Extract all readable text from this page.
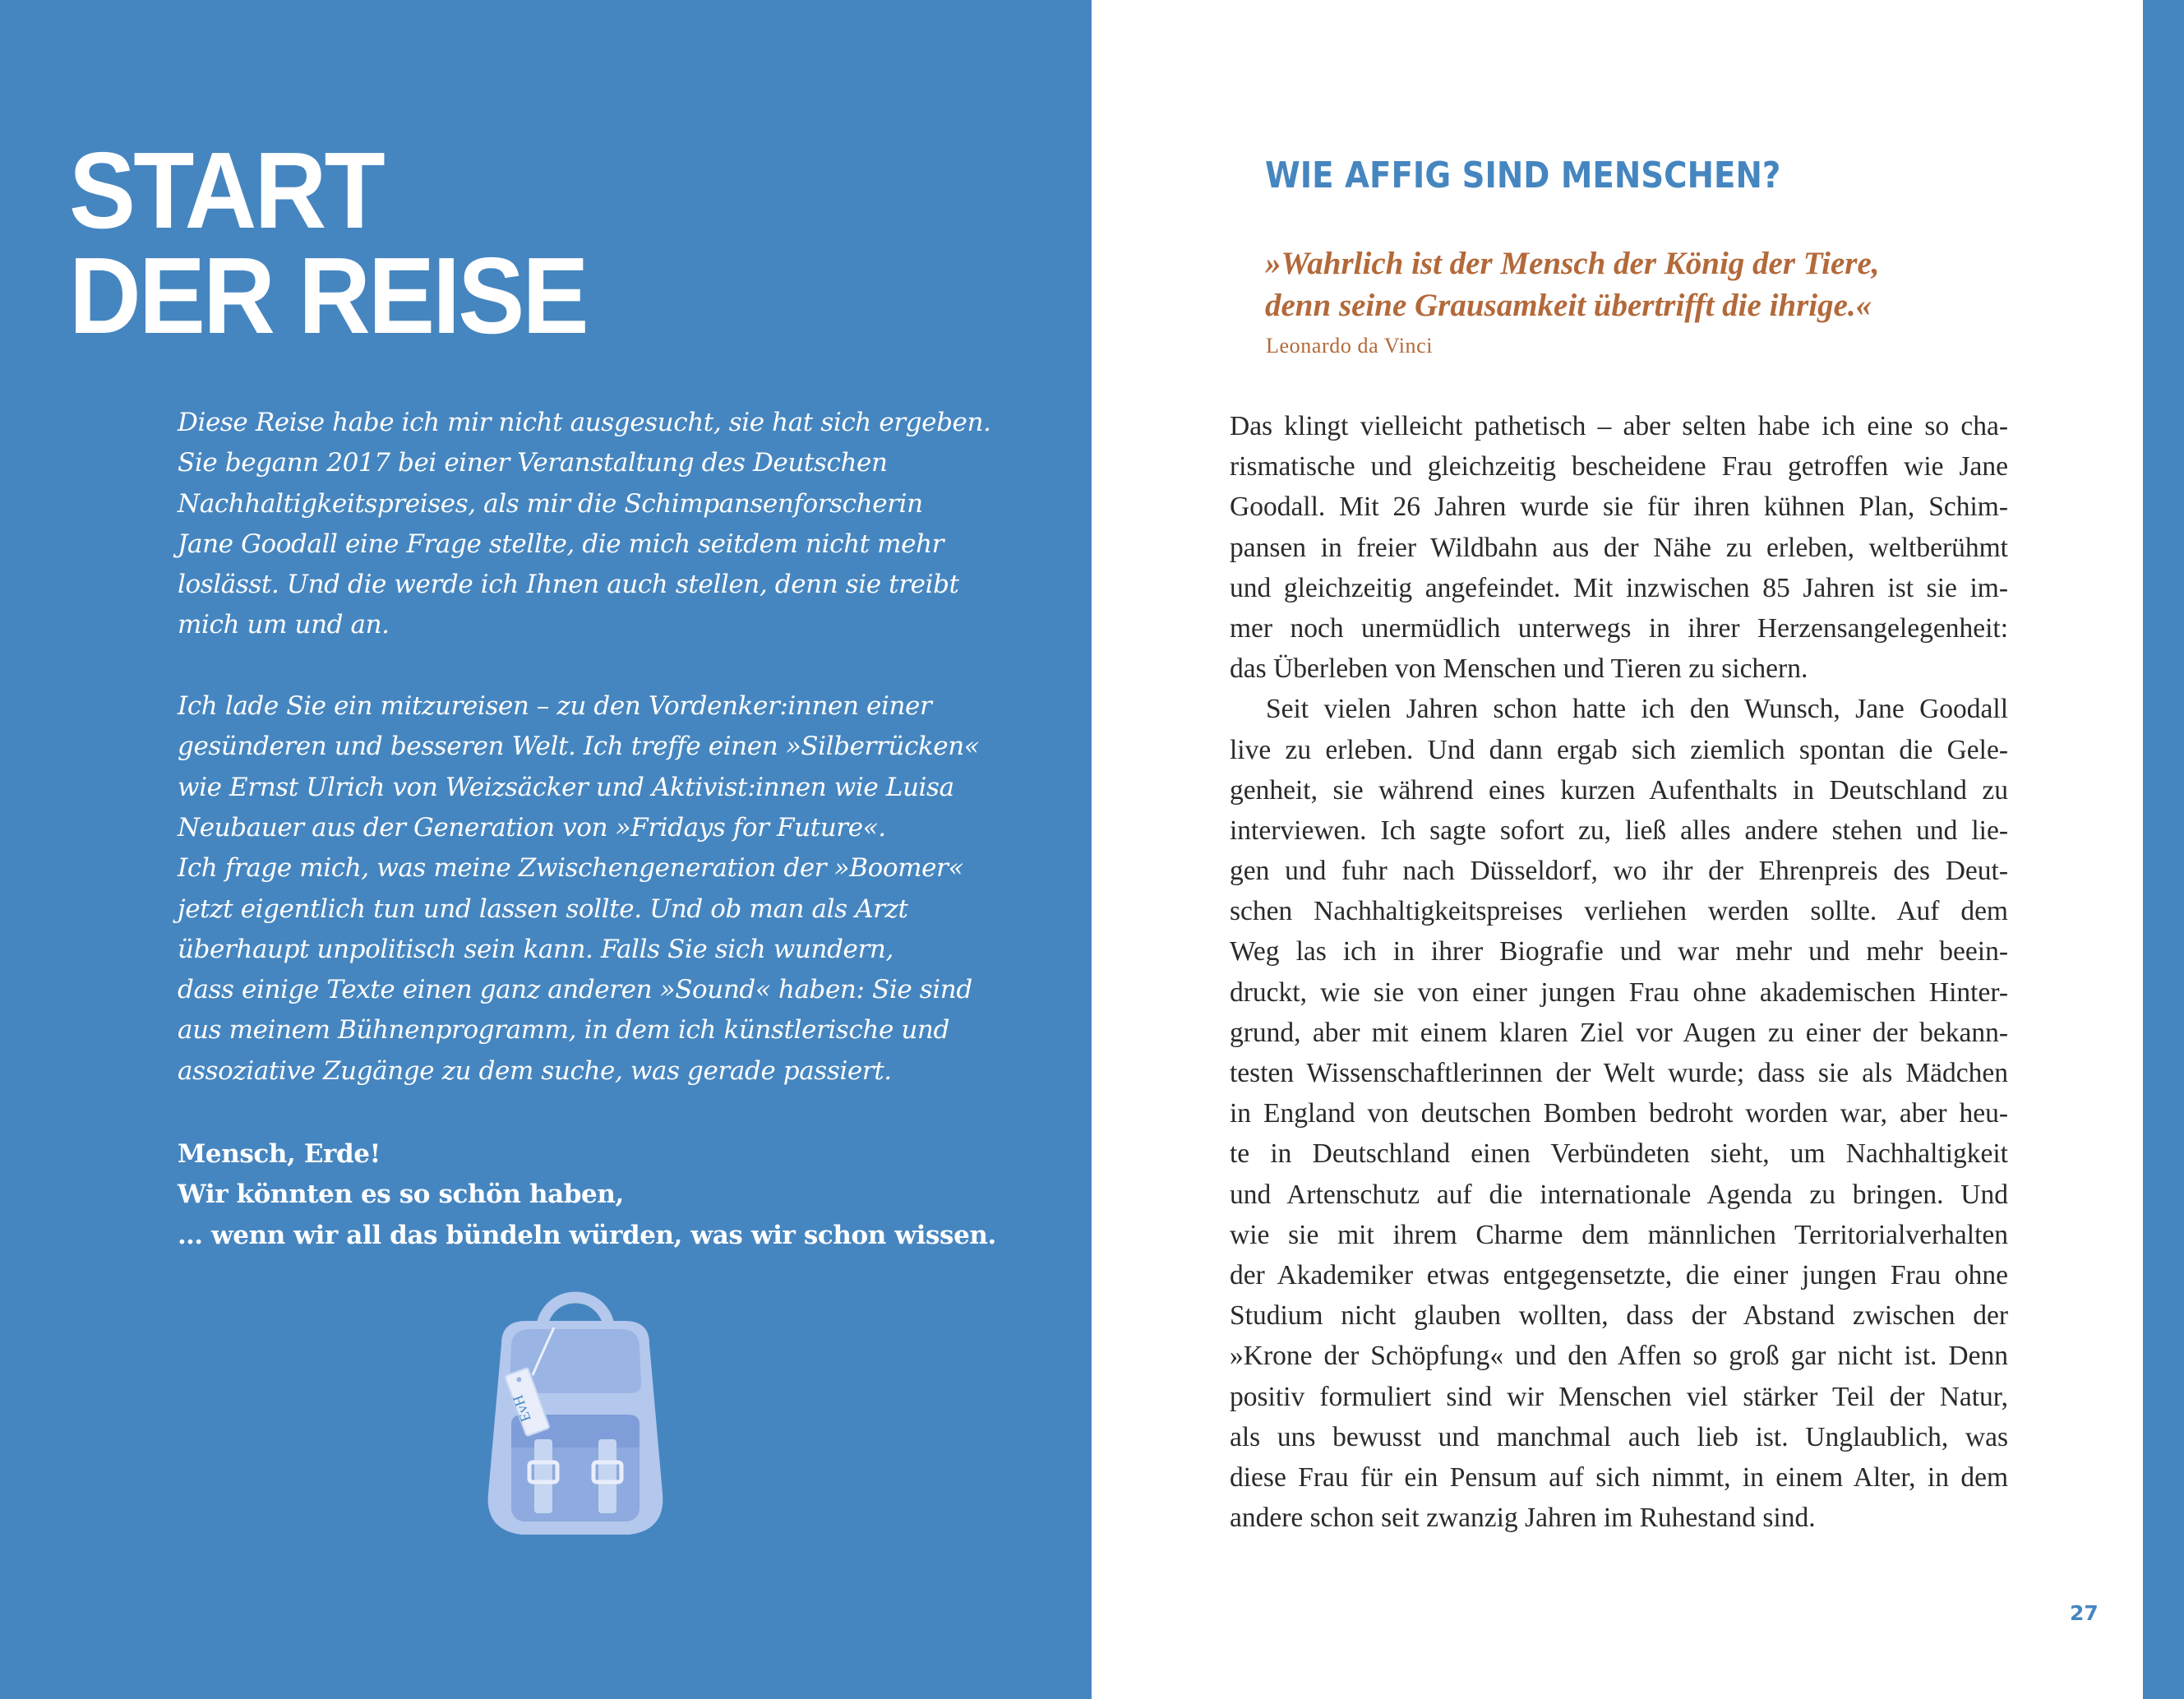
START
DER REISE

Diese Reise habe ich mir nicht ausgesucht, sie hat sich ergeben.
Sie begann 2017 bei einer Veranstaltung des Deutschen
Nachhaltigkeitspreises, als mir die Schimpansenforscherin
Jane Goodall eine Frage stellte, die mich seitdem nicht mehr
loslässt. Und die werde ich Ihnen auch stellen, denn sie treibt
mich um und an.

Ich lade Sie ein mitzureisen – zu den Vordenker:innen einer
gesünderen und besseren Welt. Ich treffe einen »Silberrücken«
wie Ernst Ulrich von Weizsäcker und Aktivist:innen wie Luisa
Neubauer aus der Generation von »Fridays for Future«.
Ich frage mich, was meine Zwischengeneration der »Boomer«
jetzt eigentlich tun und lassen sollte. Und ob man als Arzt
überhaupt unpolitisch sein kann. Falls Sie sich wundern,
dass einige Texte einen ganz anderen »Sound« haben: Sie sind
aus meinem Bühnenprogramm, in dem ich künstlerische und
assoziative Zugänge zu dem suche, was gerade passiert.

Mensch, Erde!
Wir könnten es so schön haben,
… wenn wir all das bündeln würden, was wir schon wissen.
EvH
WIE AFFIG SIND MENSCHEN?
»Wahrlich ist der Mensch der König der Tiere,
denn seine Grausamkeit übertrifft die ihrige.«
Leonardo da Vinci
Das klingt vielleicht pathetisch – aber selten habe ich eine so cha-
rismatische und gleichzeitig bescheidene Frau getroffen wie Jane
Goodall. Mit 26 Jahren wurde sie für ihren kühnen Plan, Schim-
pansen in freier Wildbahn aus der Nähe zu erleben, weltberühmt
und gleichzeitig angefeindet. Mit inzwischen 85 Jahren ist sie im-
mer noch unermüdlich unterwegs in ihrer Herzensangelegenheit:
das Überleben von Menschen und Tieren zu sichern.
Seit vielen Jahren schon hatte ich den Wunsch, Jane Goodall
live zu erleben. Und dann ergab sich ziemlich spontan die Gele-
genheit, sie während eines kurzen Aufenthalts in Deutschland zu
interviewen. Ich sagte sofort zu, ließ alles andere stehen und lie-
gen und fuhr nach Düsseldorf, wo ihr der Ehrenpreis des Deut-
schen Nachhaltigkeitspreises verliehen werden sollte. Auf dem
Weg las ich in ihrer Biografie und war mehr und mehr beein-
druckt, wie sie von einer jungen Frau ohne akademischen Hinter-
grund, aber mit einem klaren Ziel vor Augen zu einer der bekann-
testen Wissenschaftlerinnen der Welt wurde; dass sie als Mädchen
in England von deutschen Bomben bedroht worden war, aber heu-
te in Deutschland einen Verbündeten sieht, um Nachhaltigkeit
und Artenschutz auf die internationale Agenda zu bringen. Und
wie sie mit ihrem Charme dem männlichen Territorialverhalten
der Akademiker etwas entgegensetzte, die einer jungen Frau ohne
Studium nicht glauben wollten, dass der Abstand zwischen der
»Krone der Schöpfung« und den Affen so groß gar nicht ist. Denn
positiv formuliert sind wir Menschen viel stärker Teil der Natur,
als uns bewusst und manchmal auch lieb ist. Unglaublich, was
diese Frau für ein Pensum auf sich nimmt, in einem Alter, in dem
andere schon seit zwanzig Jahren im Ruhestand sind.
27
